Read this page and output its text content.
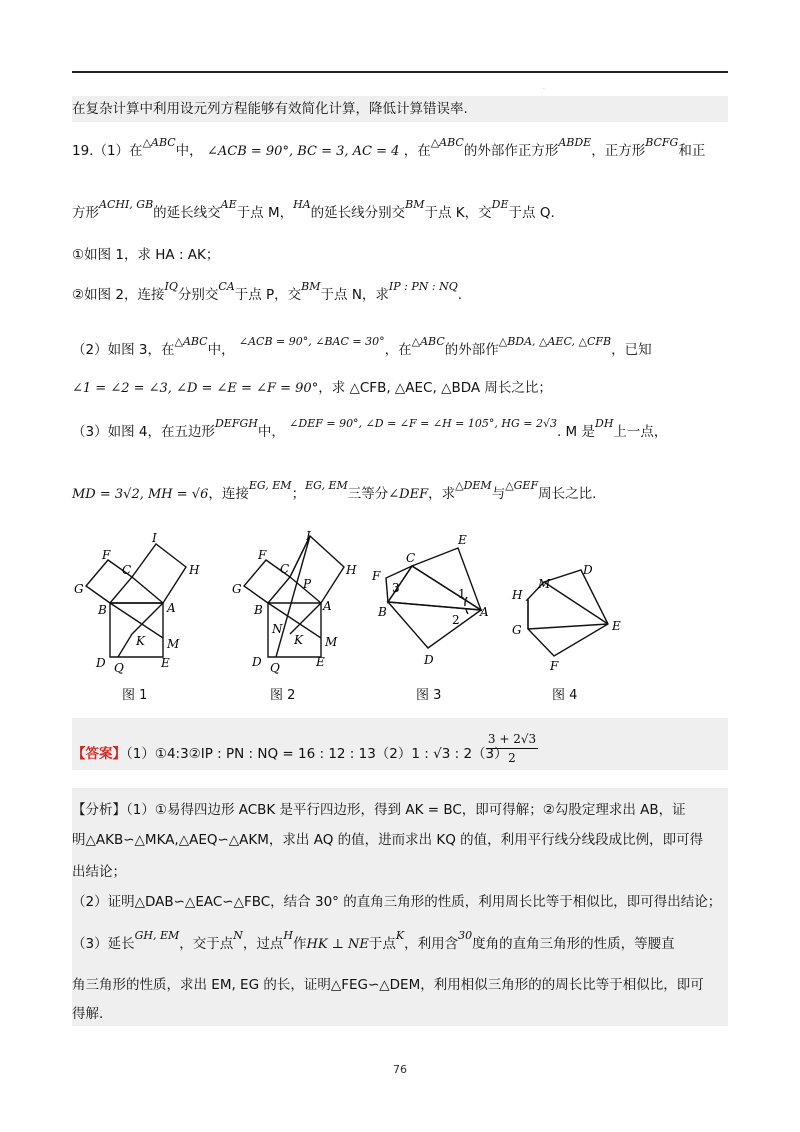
.
在复杂计算中利用设元列方程能够有效简化计算，降低计算错误率.
19.（1）在$^{\triangle ABC}$中， ∠ACB = 90°, BC = 3, AC = 4 ，在$^{\triangle ABC}$的外部作正方形$^{ABDE}$，正方形$^{BCFG}$和正
方形$^{ACHI, GB}$的延长线交$^{AE}$于点 M，$^{HA}$的延长线分别交$^{BM}$于点 K，交$^{DE}$于点 Q.
①如图 1，求 HA : AK；
②如图 2，连接$^{IQ}$分别交$^{CA}$于点 P，交$^{BM}$于点 N，求$^{IP : PN : NQ}$.
（2）如图 3，在$^{\triangle ABC}$中， $^{\angle ACB = 90^\circ, \angle BAC = 30^\circ}$，在$^{\triangle ABC}$的外部作$^{\triangle BDA, \triangle AEC, \triangle CFB}$，已知
∠1 = ∠2 = ∠3, ∠D = ∠E = ∠F = 90°，求 △CFB, △AEC, △BDA 周长之比；
（3）如图 4，在五边形$^{DEFGH}$中， $^{\angle DEF = 90^\circ, \angle D = \angle F = \angle H = 105^\circ, HG = 2√3}$. M 是$^{DH}$上一点，
MD = 3√2, MH = √6，连接$^{EG, EM}$；$^{EG, EM}$三等分∠DEF，求$^{\triangle DEM}$与$^{\triangle GEF}$周长之比.
F
I
C	H
G
B	A
K M
D Q	E
F
I
C
P
H
G
B	A
N
K M
D Q	E
C
E
F
3	1
B
2
A
D
M
D
H
G	E
F
图 1	图 2	图 3	图 4
【答案】（1）①4:3②IP : PN : NQ = 16 : 12 : 13（2）1 : √3 : 2（3）
3 + 2√3
2
【分析】（1）①易得四边形 ACBK 是平行四边形，得到 AK = BC，即可得解；②勾股定理求出 AB，证
明△AKB∽△MKA,△AEQ∽△AKM，求出 AQ 的值，进而求出 KQ 的值，利用平行线分线段成比例，即可得
出结论；
（2）证明△DAB∽△EAC∽△FBC，结合 30° 的直角三角形的性质，利用周长比等于相似比，即可得出结论；
（3）延长$^{GH, EM}$，交于点$^N$，过点$^H$作HK ⊥ NE于点$^K$，利用含$^{30}$度角的直角三角形的性质，等腰直
角三角形的性质，求出 EM, EG 的长，证明△FEG∽△DEM，利用相似三角形的的周长比等于相似比，即可
得解.
76
